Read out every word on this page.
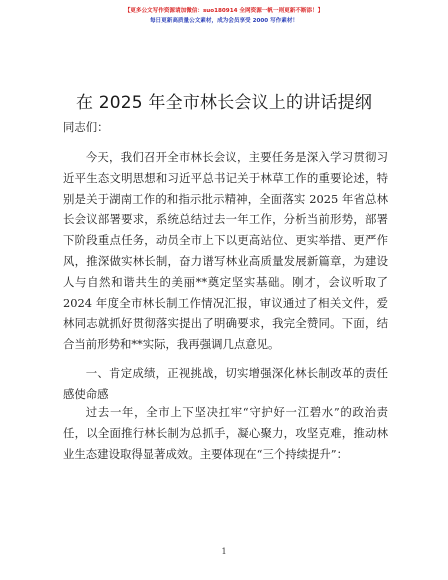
【更多公文写作资源请加微信：suo180914 全网资源一帆一则更新不断添！】
每日更新高质量公文素材，成为会员享受 2000 写作素材！
在 2025 年全市林长会议上的讲话提纲
同志们：

今天，我们召开全市林长会议，主要任务是深入学习贯彻习近平生态文明思想和习近平总书记关于林草工作的重要论述，特别是关于湖南工作的和指示批示精神，全面落实 2025 年省总林长会议部署要求，系统总结过去一年工作，分析当前形势，部署下阶段重点任务，动员全市上下以更高站位、更实举措、更严作风，推深做实林长制，奋力谱写林业高质量发展新篇章，为建设人与自然和谐共生的美丽**奠定坚实基础。刚才，会议听取了 2024 年度全市林长制工作情况汇报，审议通过了相关文件，爱林同志就抓好贯彻落实提出了明确要求，我完全赞同。下面，结合当前形势和**实际，我再强调几点意见。

一、肯定成绩，正视挑战，切实增强深化林长制改革的责任感使命感

过去一年，全市上下坚决扛牢“守护好一江碧水”的政治责任，以全面推行林长制为总抓手，凝心聚力，攻坚克难，推动林业生态建设取得显著成效。主要体现在“三个持续提升”：

1
